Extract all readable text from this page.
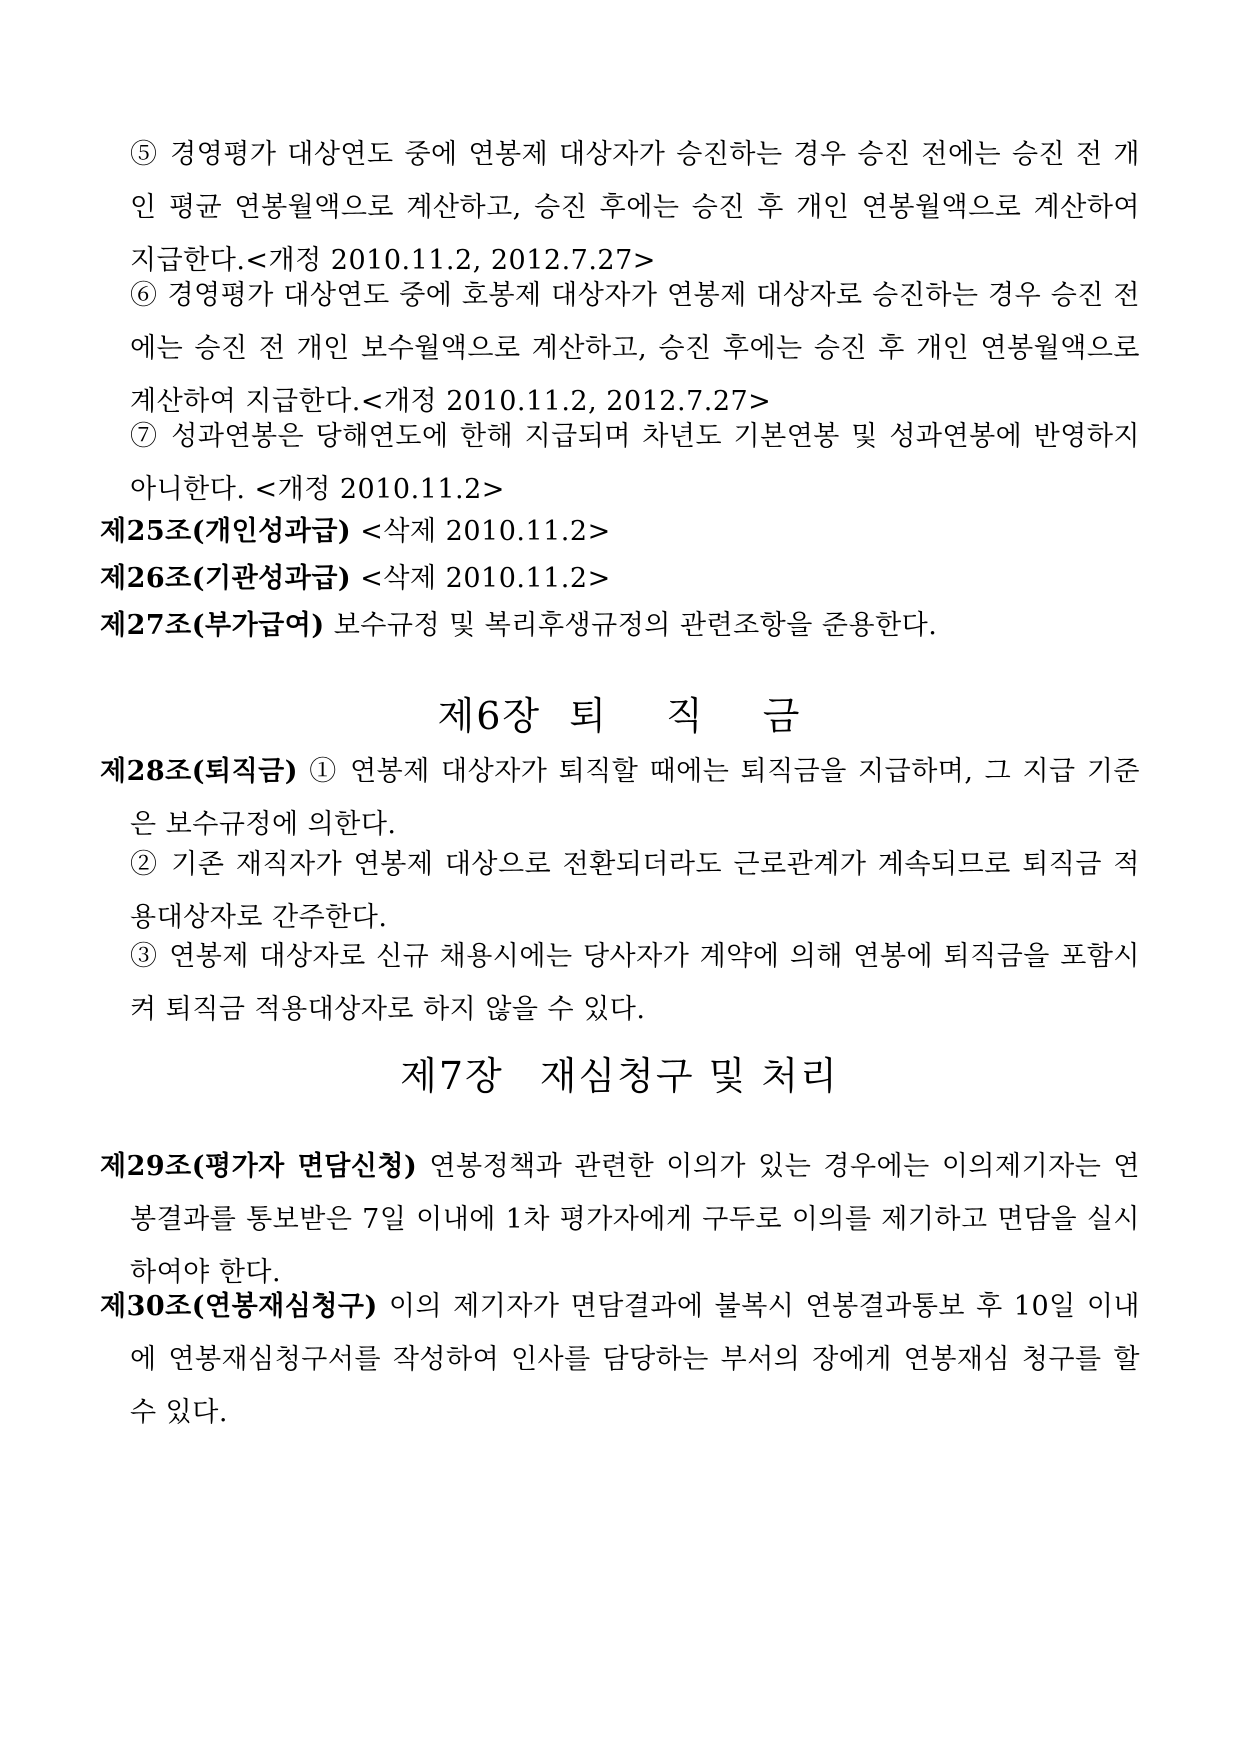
⑤ 경영평가 대상연도 중에 연봉제 대상자가 승진하는 경우 승진 전에는 승진 전 개인 평균 연봉월액으로 계산하고, 승진 후에는 승진 후 개인 연봉월액으로 계산하여 지급한다.<개정 2010.11.2, 2012.7.27>
⑥ 경영평가 대상연도 중에 호봉제 대상자가 연봉제 대상자로 승진하는 경우 승진 전에는 승진 전 개인 보수월액으로 계산하고, 승진 후에는 승진 후 개인 연봉월액으로 계산하여 지급한다.<개정 2010.11.2, 2012.7.27>
⑦ 성과연봉은 당해연도에 한해 지급되며 차년도 기본연봉 및 성과연봉에 반영하지 아니한다. <개정 2010.11.2>
제25조(개인성과급) <삭제 2010.11.2>
제26조(기관성과급) <삭제 2010.11.2>
제27조(부가급여) 보수규정 및 복리후생규정의 관련조항을 준용한다.
제6장 퇴 직 금
제28조(퇴직금) ① 연봉제 대상자가 퇴직할 때에는 퇴직금을 지급하며, 그 지급 기준은 보수규정에 의한다.
② 기존 재직자가 연봉제 대상으로 전환되더라도 근로관계가 계속되므로 퇴직금 적용대상자로 간주한다.
③ 연봉제 대상자로 신규 채용시에는 당사자가 계약에 의해 연봉에 퇴직금을 포함시켜 퇴직금 적용대상자로 하지 않을 수 있다.
제7장 재심청구 및 처리
제29조(평가자 면담신청) 연봉정책과 관련한 이의가 있는 경우에는 이의제기자는 연봉결과를 통보받은 7일 이내에 1차 평가자에게 구두로 이의를 제기하고 면담을 실시하여야 한다.
제30조(연봉재심청구) 이의 제기자가 면담결과에 불복시 연봉결과통보 후 10일 이내에 연봉재심청구서를 작성하여 인사를 담당하는 부서의 장에게 연봉재심 청구를 할 수 있다.
